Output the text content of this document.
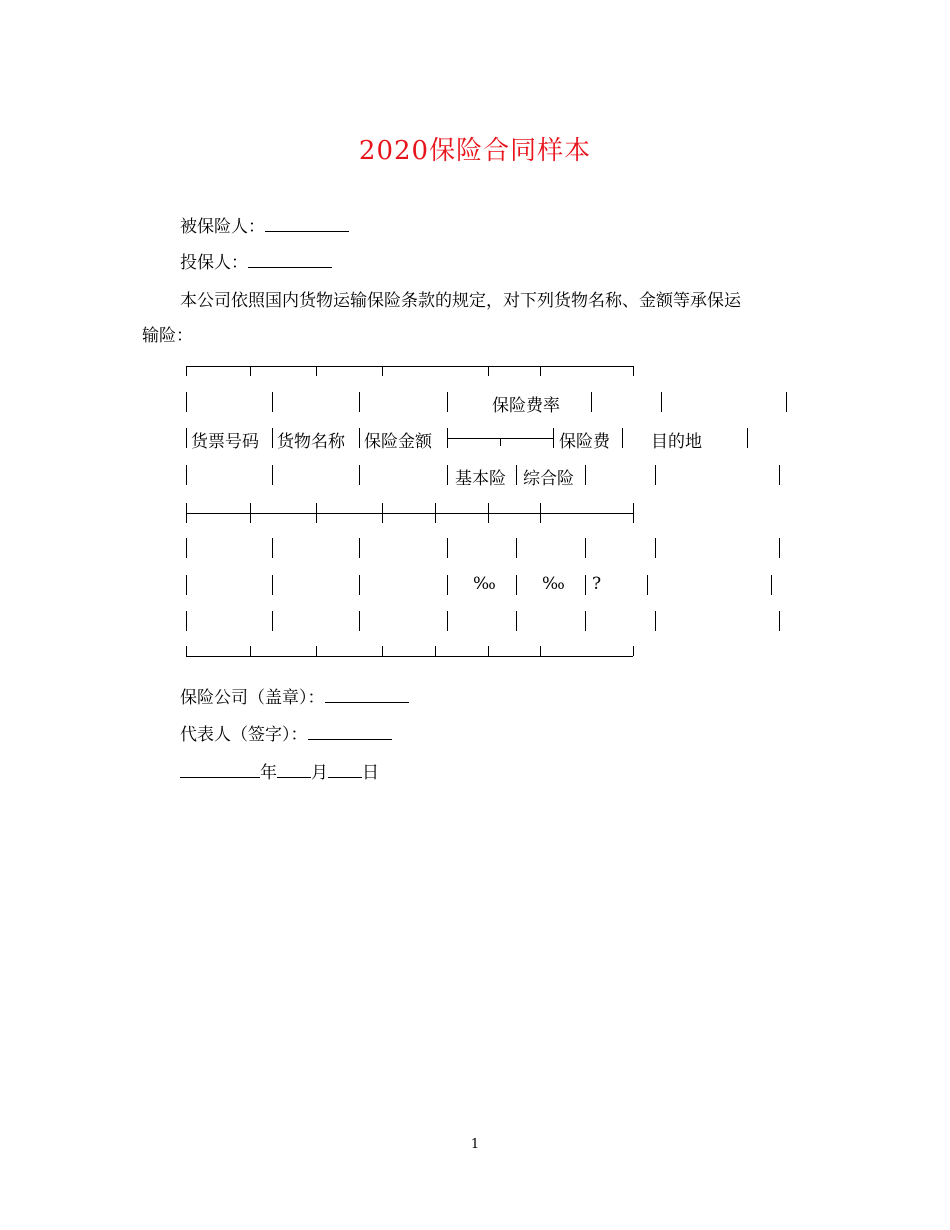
2020保险合同样本
被保险人：
投保人：
本公司依照国内货物运输保险条款的规定，对下列货物名称、金额等承保运
输险：
保险费率
货票号码 货物名称 保险金额	保险费 目的地
基本险 综合险
‰	‰ ?
保险公司（盖章）：
代表人（签字）：
年 月 日
1
